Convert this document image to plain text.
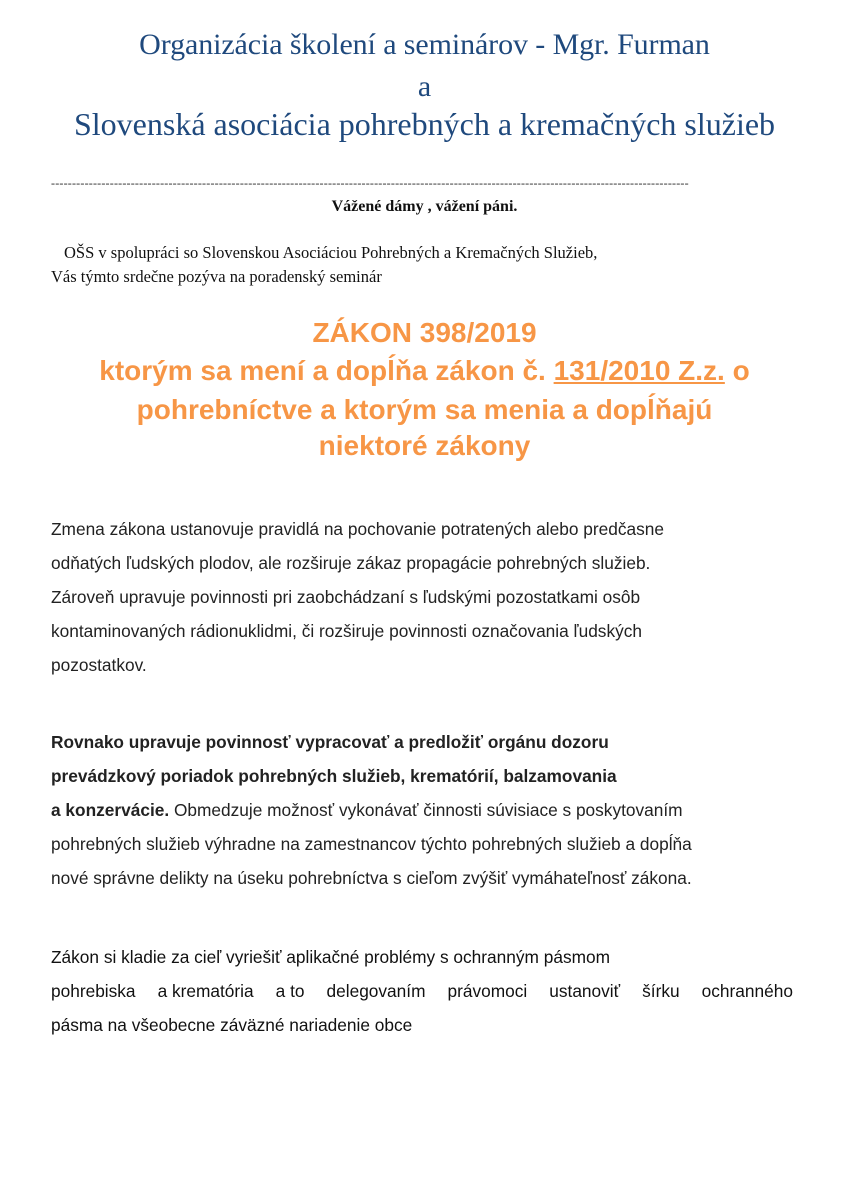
Organizácia školení a seminárov - Mgr. Furman
a
Slovenská asociácia pohrebných a kremačných služieb
--------------------------------------------------------------------------------------------------------------------------------------------------------
Vážené dámy , vážení páni.
OŠS v spolupráci so Slovenskou Asociáciou Pohrebných a Kremačných Služieb,
Vás týmto srdečne pozýva na poradenský seminár
ZÁKON 398/2019
ktorým sa mení a dopĺňa zákon č. 131/2010 Z.z. o
pohrebníctve a ktorým sa menia a dopĺňajú
niektoré zákony
Zmena zákona ustanovuje pravidlá na pochovanie potratených alebo predčasne
odňatých ľudských plodov, ale rozširuje zákaz propagácie pohrebných služieb.
Zároveň upravuje povinnosti pri zaobchádzaní s ľudskými pozostatkami osôb
kontaminovaných rádionuklidmi, či rozširuje povinnosti označovania ľudských
pozostatkov.
Rovnako upravuje povinnosť vypracovať a predložiť orgánu dozoru
prevádzkový poriadok pohrebných služieb, krematórií, balzamovania
a konzervácie. Obmedzuje možnosť vykonávať činnosti súvisiace s poskytovaním
pohrebných služieb výhradne na zamestnancov týchto pohrebných služieb a dopĺňa
nové správne delikty na úseku pohrebníctva s cieľom zvýšiť vymáhateľnosť zákona.
Zákon si kladie za cieľ vyriešiť aplikačné problémy s ochranným pásmom
pohrebiska a krematória a to delegovaním právomoci ustanoviť šírku ochranného
pásma na všeobecne záväzné nariadenie obce
